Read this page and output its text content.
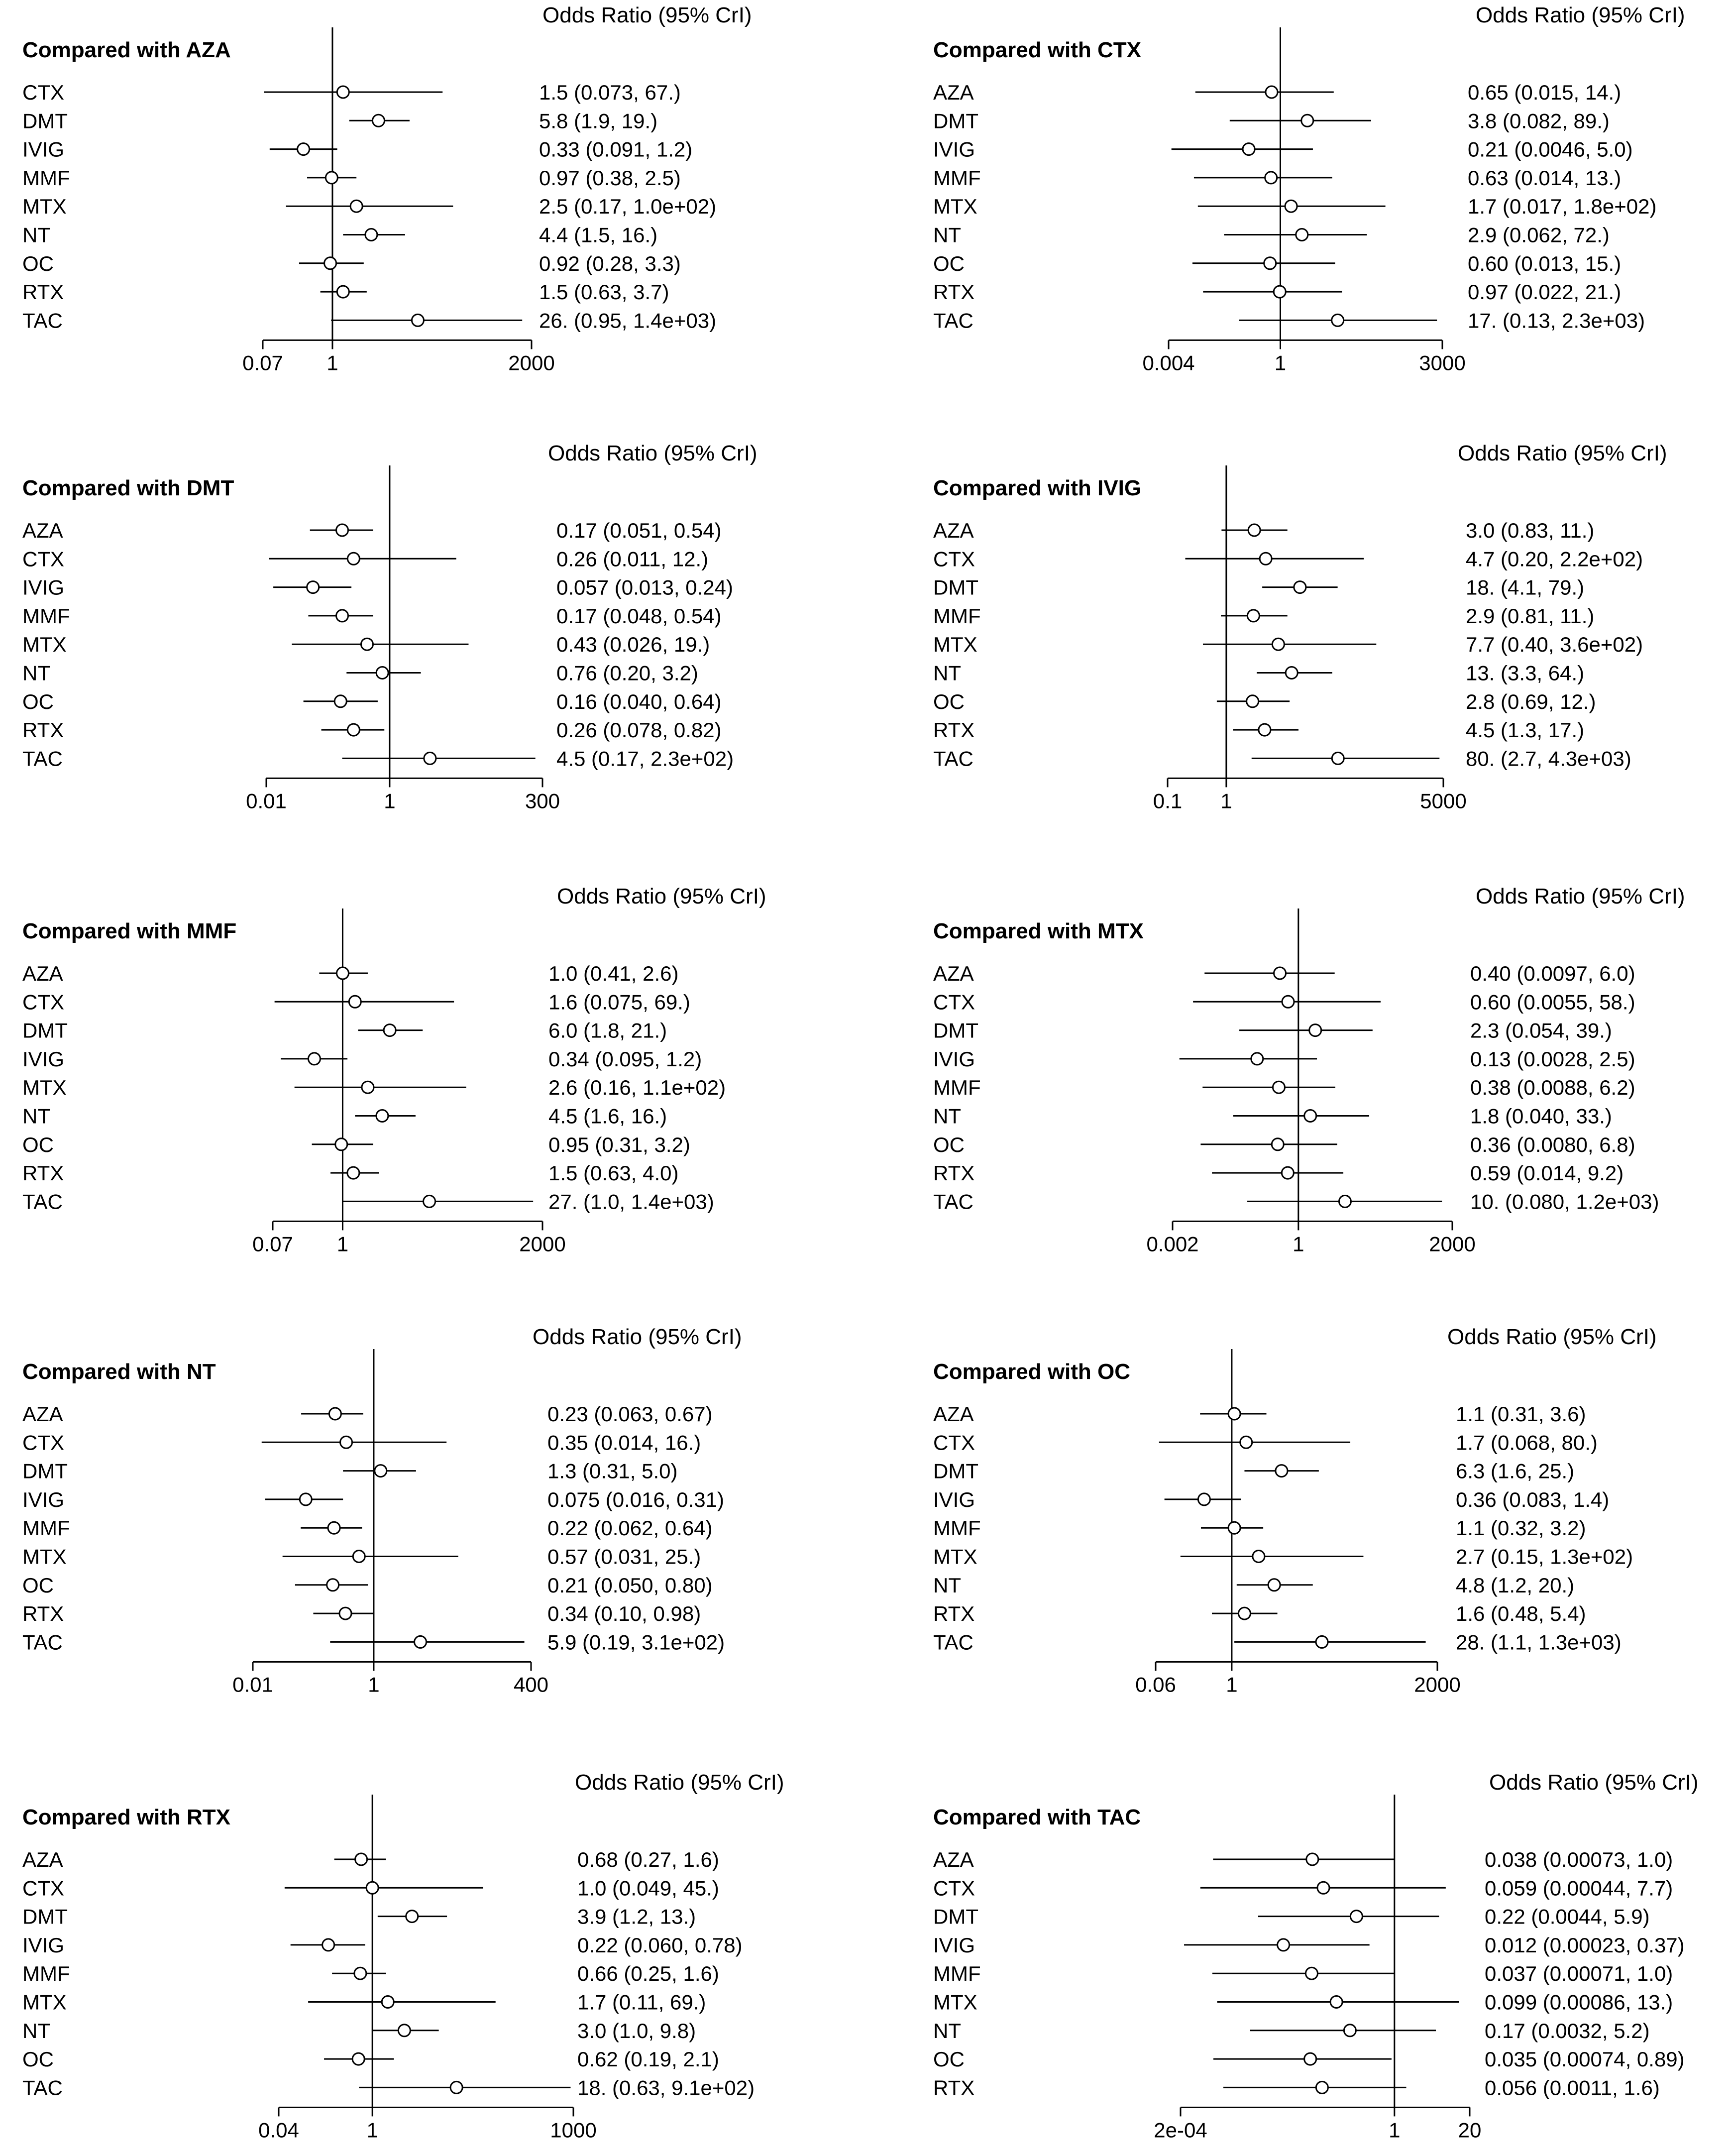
Odds Ratio (95% CrI)
Compared with AZA
CTX	1.5 (0.073, 67.)
DMT	5.8 (1.9, 19.)
IVIG	0.33 (0.091, 1.2)
MMF	0.97 (0.38, 2.5)
MTX	2.5 (0.17, 1.0e+02)
NT	4.4 (1.5, 16.)
OC	0.92 (0.28, 3.3)
RTX	1.5 (0.63, 3.7)
TAC	26. (0.95, 1.4e+03)
0.07 1	2000
Odds Ratio (95% CrI)
Compared with CTX
AZA	0.65 (0.015, 14.)
DMT	3.8 (0.082, 89.)
IVIG	0.21 (0.0046, 5.0)
MMF	0.63 (0.014, 13.)
MTX	1.7 (0.017, 1.8e+02)
NT	2.9 (0.062, 72.)
OC	0.60 (0.013, 15.)
RTX	0.97 (0.022, 21.)
TAC	17. (0.13, 2.3e+03)
0.004	1	3000
Odds Ratio (95% CrI)
Compared with DMT
AZA	0.17 (0.051, 0.54)
CTX	0.26 (0.011, 12.)
IVIG	0.057 (0.013, 0.24)
MMF	0.17 (0.048, 0.54)
MTX	0.43 (0.026, 19.)
NT	0.76 (0.20, 3.2)
OC	0.16 (0.040, 0.64)
RTX	0.26 (0.078, 0.82)
TAC	4.5 (0.17, 2.3e+02)
0.01	1	300
Odds Ratio (95% CrI)
Compared with IVIG
AZA	3.0 (0.83, 11.)
CTX	4.7 (0.20, 2.2e+02)
DMT	18. (4.1, 79.)
MMF	2.9 (0.81, 11.)
MTX	7.7 (0.40, 3.6e+02)
NT	13. (3.3, 64.)
OC	2.8 (0.69, 12.)
RTX	4.5 (1.3, 17.)
TAC	80. (2.7, 4.3e+03)
0.1 1	5000
Odds Ratio (95% CrI)
Compared with MMF
AZA	1.0 (0.41, 2.6)
CTX	1.6 (0.075, 69.)
DMT	6.0 (1.8, 21.)
IVIG	0.34 (0.095, 1.2)
MTX	2.6 (0.16, 1.1e+02)
NT	4.5 (1.6, 16.)
OC	0.95 (0.31, 3.2)
RTX	1.5 (0.63, 4.0)
TAC	27. (1.0, 1.4e+03)
0.07 1	2000
Odds Ratio (95% CrI)
Compared with MTX
AZA	0.40 (0.0097, 6.0)
CTX	0.60 (0.0055, 58.)
DMT	2.3 (0.054, 39.)
IVIG	0.13 (0.0028, 2.5)
MMF	0.38 (0.0088, 6.2)
NT	1.8 (0.040, 33.)
OC	0.36 (0.0080, 6.8)
RTX	0.59 (0.014, 9.2)
TAC	10. (0.080, 1.2e+03)
0.002	1	2000
Odds Ratio (95% CrI)
Compared with NT
AZA	0.23 (0.063, 0.67)
CTX	0.35 (0.014, 16.)
DMT	1.3 (0.31, 5.0)
IVIG	0.075 (0.016, 0.31)
MMF	0.22 (0.062, 0.64)
MTX	0.57 (0.031, 25.)
OC	0.21 (0.050, 0.80)
RTX	0.34 (0.10, 0.98)
TAC	5.9 (0.19, 3.1e+02)
0.01	1	400
Odds Ratio (95% CrI)
Compared with OC
AZA	1.1 (0.31, 3.6)
CTX	1.7 (0.068, 80.)
DMT	6.3 (1.6, 25.)
IVIG	0.36 (0.083, 1.4)
MMF	1.1 (0.32, 3.2)
MTX	2.7 (0.15, 1.3e+02)
NT	4.8 (1.2, 20.)
RTX	1.6 (0.48, 5.4)
TAC	28. (1.1, 1.3e+03)
0.06 1	2000
Odds Ratio (95% CrI)
Compared with RTX
AZA	0.68 (0.27, 1.6)
CTX	1.0 (0.049, 45.)
DMT	3.9 (1.2, 13.)
IVIG	0.22 (0.060, 0.78)
MMF	0.66 (0.25, 1.6)
MTX	1.7 (0.11, 69.)
NT	3.0 (1.0, 9.8)
OC	0.62 (0.19, 2.1)
TAC	18. (0.63, 9.1e+02)
0.04	1	1000
Odds Ratio (95% CrI)
Compared with TAC
AZA	0.038 (0.00073, 1.0)
CTX	0.059 (0.00044, 7.7)
DMT	0.22 (0.0044, 5.9)
IVIG	0.012 (0.00023, 0.37)
MMF	0.037 (0.00071, 1.0)
MTX	0.099 (0.00086, 13.)
NT	0.17 (0.0032, 5.2)
OC	0.035 (0.00074, 0.89)
RTX	0.056 (0.0011, 1.6)
2e-04	1	20
